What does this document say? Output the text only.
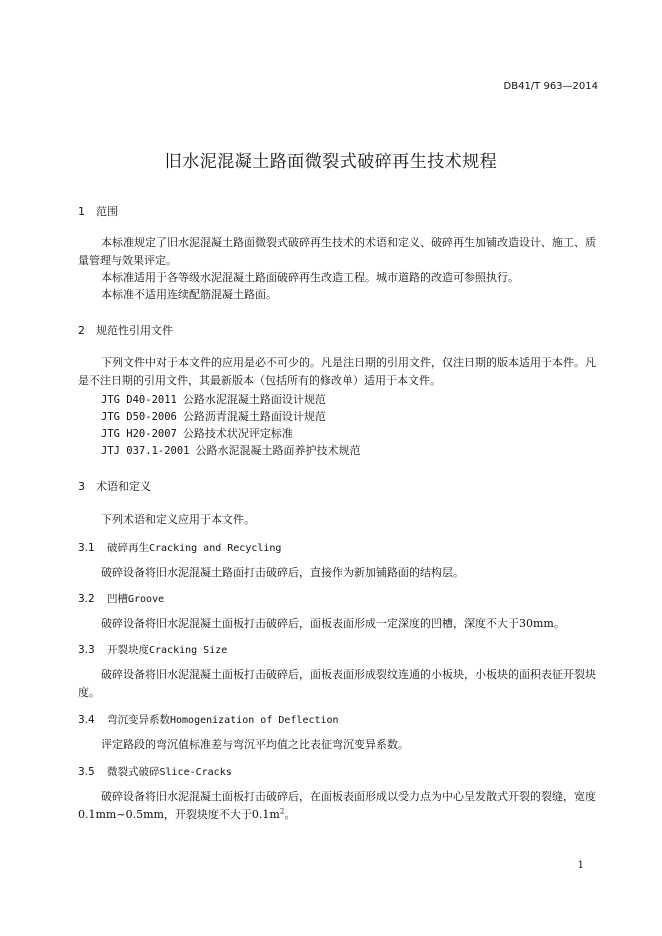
DB41/T 963—2014
旧水泥混凝土路面微裂式破碎再生技术规程
1 范围

本标准规定了旧水泥混凝土路面微裂式破碎再生技术的术语和定义、破碎再生加铺改造设计、施工、质量管理与效果评定。

本标准适用于各等级水泥混凝土路面破碎再生改造工程。城市道路的改造可参照执行。

本标准不适用连续配筋混凝土路面。

2 规范性引用文件

下列文件中对于本文件的应用是必不可少的。凡是注日期的引用文件，仅注日期的版本适用于本件。凡是不注日期的引用文件，其最新版本（包括所有的修改单）适用于本文件。

JTG D40-2011 公路水泥混凝土路面设计规范
JTG D50-2006 公路沥青混凝土路面设计规范
JTG H20-2007 公路技术状况评定标准
JTJ 037.1-2001 公路水泥混凝土路面养护技术规范
3 术语和定义

下列术语和定义应用于本文件。

3.1 破碎再生Cracking and Recycling

破碎设备将旧水泥混凝土路面打击破碎后，直接作为新加铺路面的结构层。

3.2 凹槽Groove

破碎设备将旧水泥混凝土面板打击破碎后，面板表面形成一定深度的凹槽，深度不大于30mm。

3.3 开裂块度Cracking Size

破碎设备将旧水泥混凝土面板打击破碎后，面板表面形成裂纹连通的小板块，小板块的面积表征开裂块度。

3.4 弯沉变异系数Homogenization of Deflection

评定路段的弯沉值标准差与弯沉平均值之比表征弯沉变异系数。

3.5 微裂式破碎Slice-Cracks

破碎设备将旧水泥混凝土面板打击破碎后，在面板表面形成以受力点为中心呈发散式开裂的裂缝，宽度0.1mm~0.5mm，开裂块度不大于$0.1m^2$。

1
